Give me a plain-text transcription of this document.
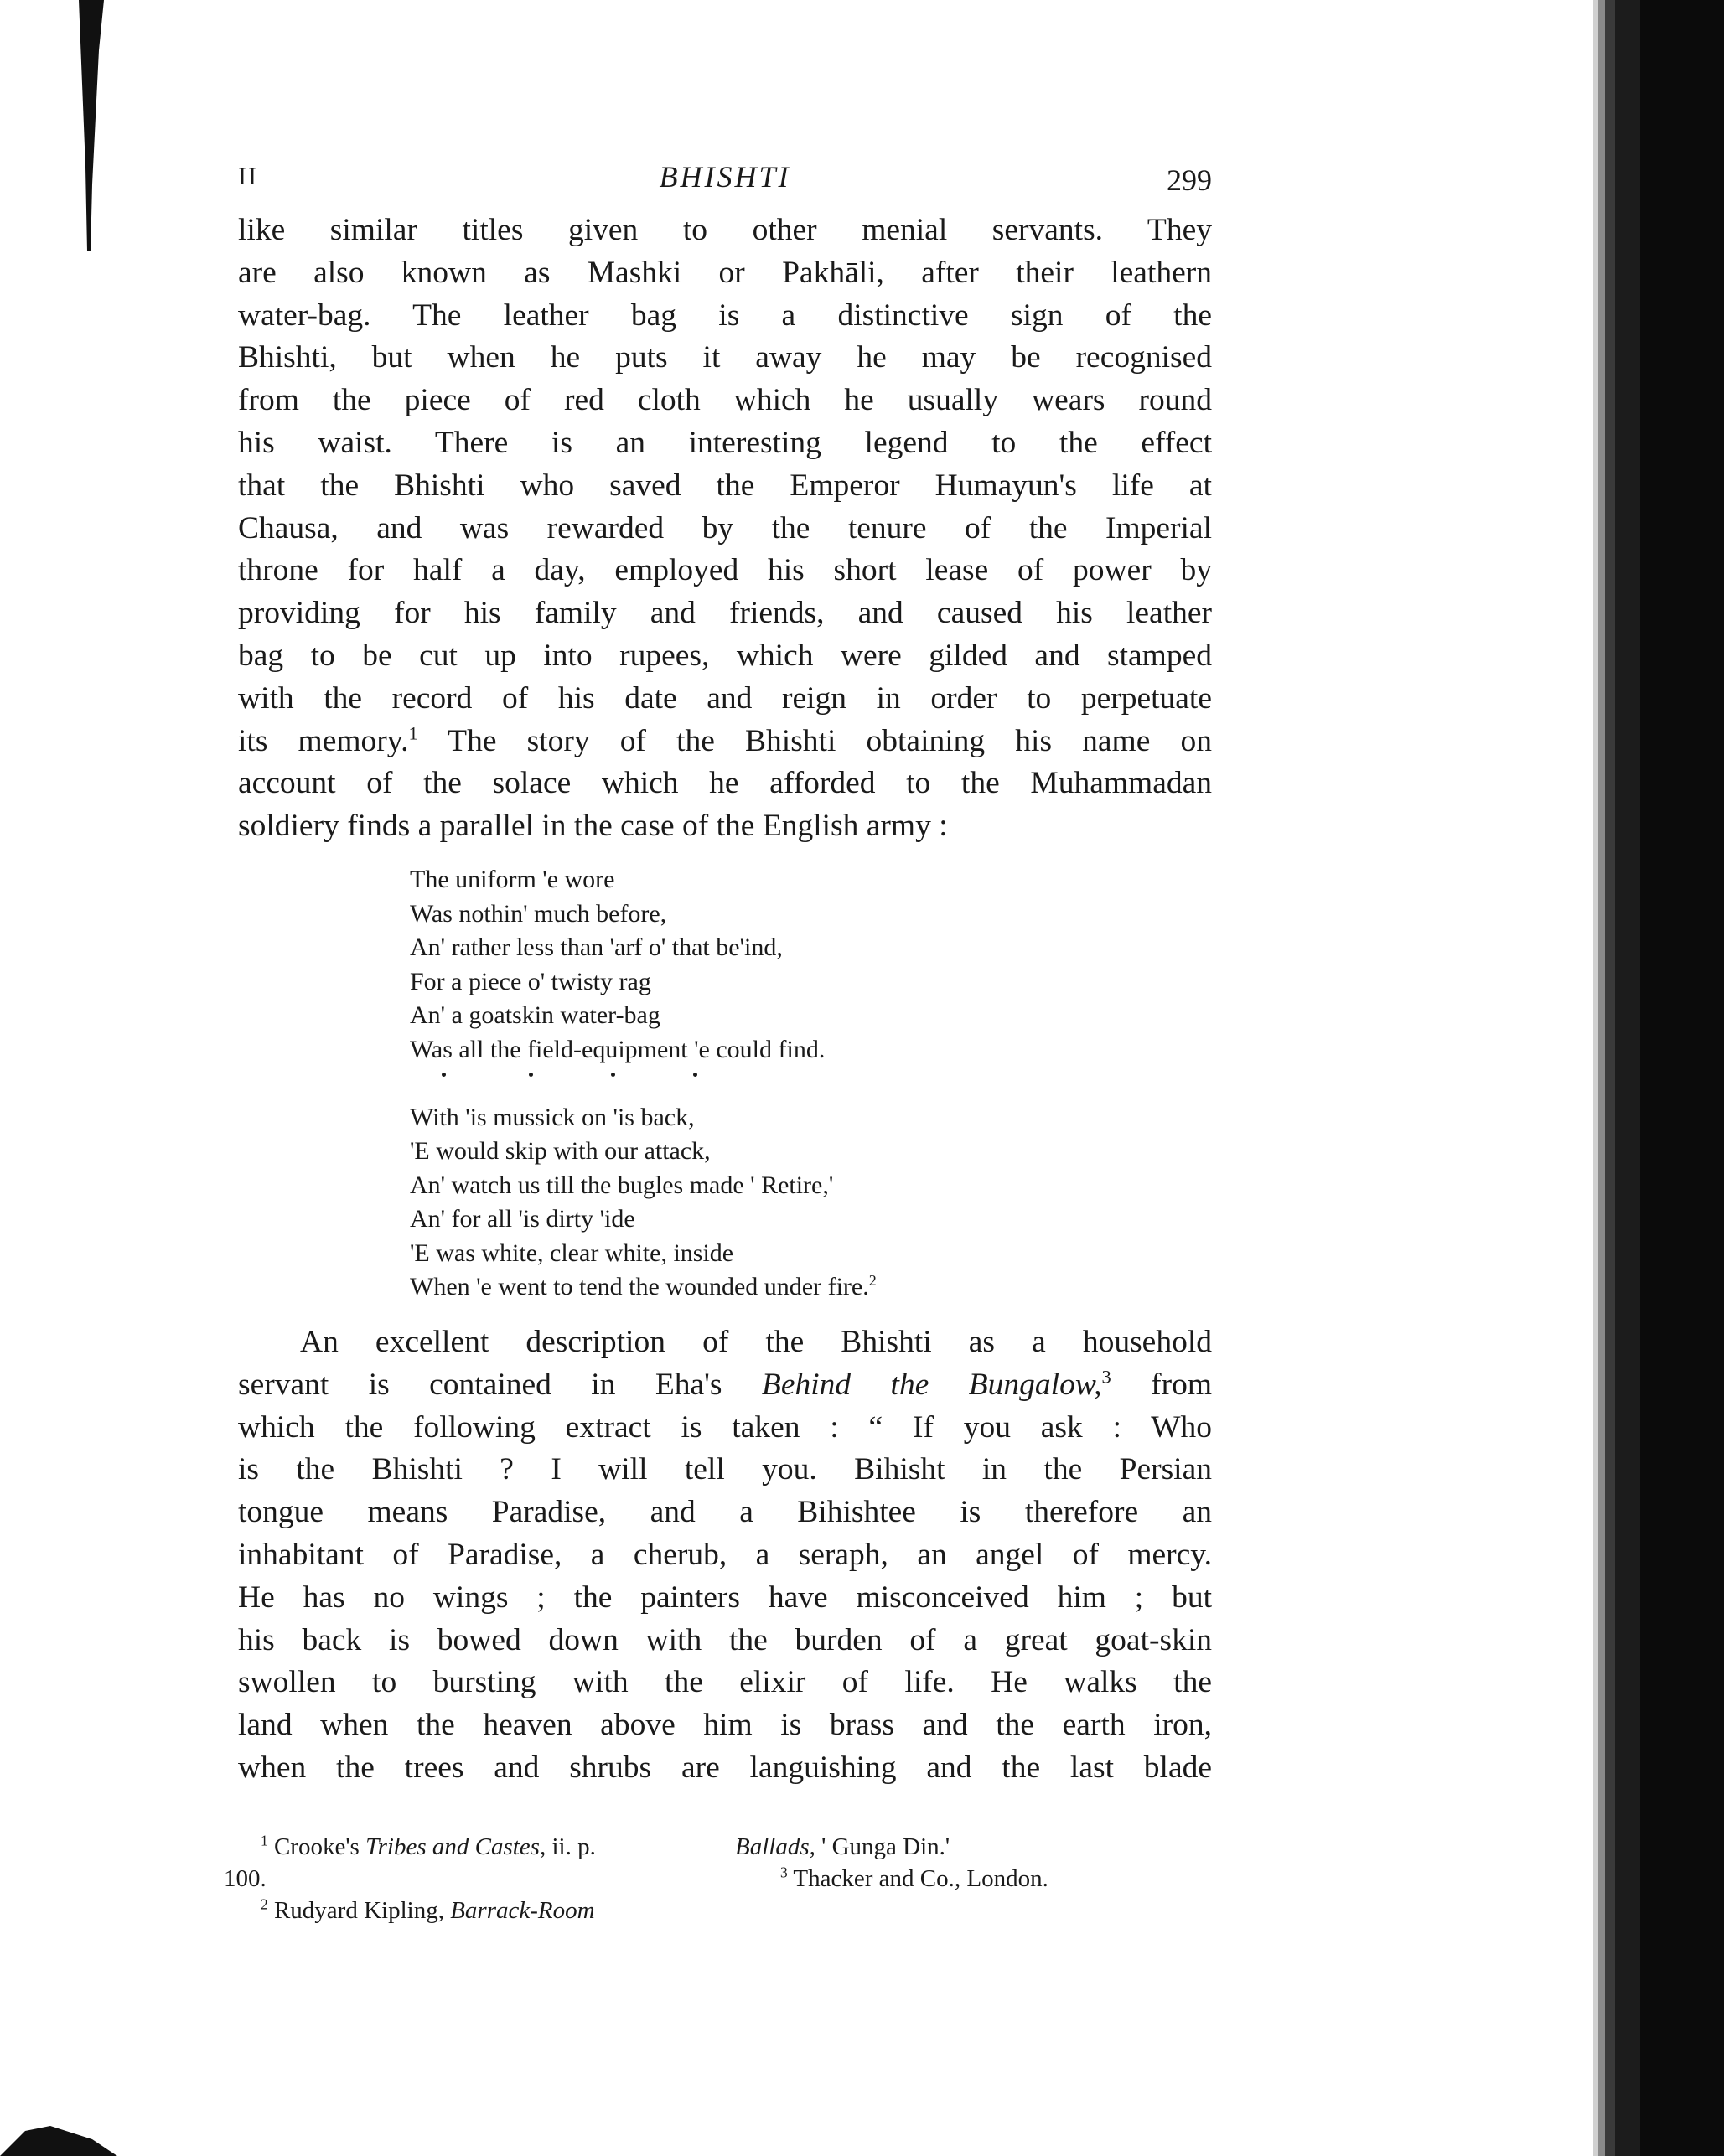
II	BHISHTI	299

like similar titles given to other menial servants. They
are also known as Mashki or Pakhāli, after their leathern
water-bag. The leather bag is a distinctive sign of the
Bhishti, but when he puts it away he may be recognised
from the piece of red cloth which he usually wears round
his waist. There is an interesting legend to the effect
that the Bhishti who saved the Emperor Humayun's life at
Chausa, and was rewarded by the tenure of the Imperial
throne for half a day, employed his short lease of power by
providing for his family and friends, and caused his leather
bag to be cut up into rupees, which were gilded and stamped
with the record of his date and reign in order to perpetuate
its memory.$^1$ The story of the Bhishti obtaining his name on
account of the solace which he afforded to the Muhammadan
soldiery finds a parallel in the case of the English army :

The uniform 'e wore
Was nothin' much before,
An' rather less than 'arf o' that be'ind,
For a piece o' twisty rag
An' a goatskin water-bag
Was all the field-equipment 'e could find.
With 'is mussick on 'is back,
'E would skip with our attack,
An' watch us till the bugles made ' Retire,'
An' for all 'is dirty 'ide
'E was white, clear white, inside
When 'e went to tend the wounded under fire.$^2$

An excellent description of the Bhishti as a household
servant is contained in Eha's Behind the Bungalow,$^3$ from
which the following extract is taken : “ If you ask : Who
is the Bhishti ? I will tell you. Bihisht in the Persian
tongue means Paradise, and a Bihishtee is therefore an
inhabitant of Paradise, a cherub, a seraph, an angel of mercy.
He has no wings ; the painters have misconceived him ; but
his back is bowed down with the burden of a great goat-skin
swollen to bursting with the elixir of life. He walks the
land when the heaven above him is brass and the earth iron,
when the trees and shrubs are languishing and the last blade

$^1$ Crooke's Tribes and Castes, ii. p.
100.
$^2$ Rudyard Kipling, Barrack-Room
Ballads, ' Gunga Din.'
$^3$ Thacker and Co., London.
